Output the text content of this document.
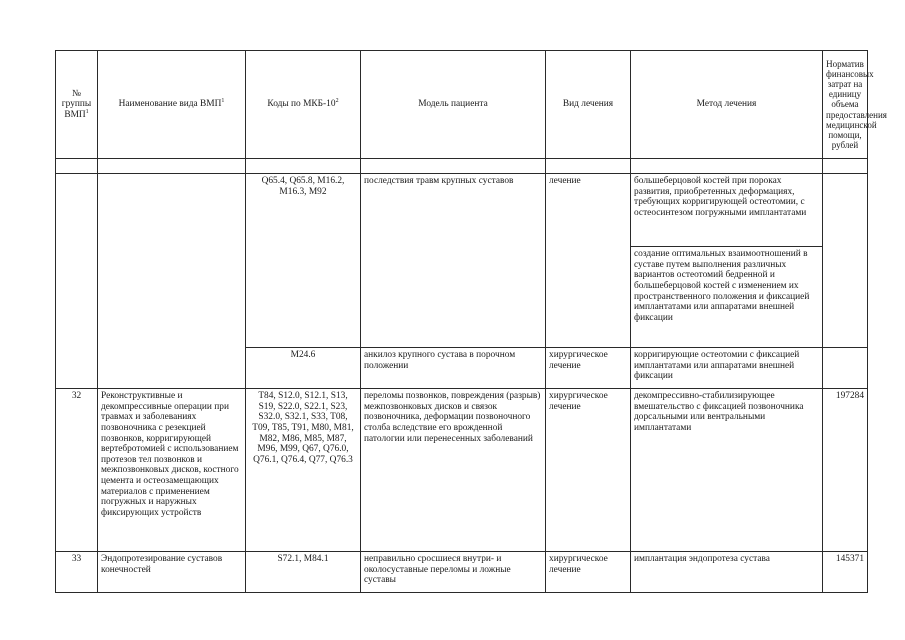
№ группы ВМП$^1$	Наименование вида ВМП$^1$	Коды по МКБ-$10^2$	Модель пациента	Вид лечения	Метод лечения	Норматив финансовых затрат на единицу объема предоставления медицинской помощи, рублей

		Q65.4, Q65.8, M16.2, M16.3, M92	последствия травм крупных суставов	лечение	большеберцовой костей при пороках развития, приобретенных деформациях, требующих корригирующей остеотомии, с остеосинтезом погружными имплантатами	
					создание оптимальных взаимоотношений в суставе путем выполнения различных вариантов остеотомий бедренной и большеберцовой костей с изменением их пространственного положения и фиксацией имплантатами или аппаратами внешней фиксации	
		M24.6	анкилоз крупного сустава в порочном положении	хирургическое лечение	корригирующие остеотомии с фиксацией имплантатами или аппаратами внешней фиксации	
32	Реконструктивные и декомпрессивные операции при травмах и заболеваниях позвоночника с резекцией позвонков, корригирующей вертебротомией с использованием протезов тел позвонков и межпозвонковых дисков, костного цемента и остеозамещающих материалов с применением погружных и наружных фиксирующих устройств	T84, S12.0, S12.1, S13, S19, S22.0, S22.1, S23, S32.0, S32.1, S33, T08, T09, T85, T91, M80, M81, M82, M86, M85, M87, M96, M99, Q67, Q76.0, Q76.1, Q76.4, Q77, Q76.3	переломы позвонков, повреждения (разрыв) межпозвонковых дисков и связок позвоночника, деформации позвоночного столба вследствие его врожденной патологии или перенесенных заболеваний	хирургическое лечение	декомпрессивно-стабилизирующее вмешательство с фиксацией позвоночника дорсальными или вентральными имплантатами	197284
33	Эндопротезирование суставов конечностей	S72.1, M84.1	неправильно сросшиеся внутри- и околосуставные переломы и ложные суставы	хирургическое лечение	имплантация эндопротеза сустава	145371
